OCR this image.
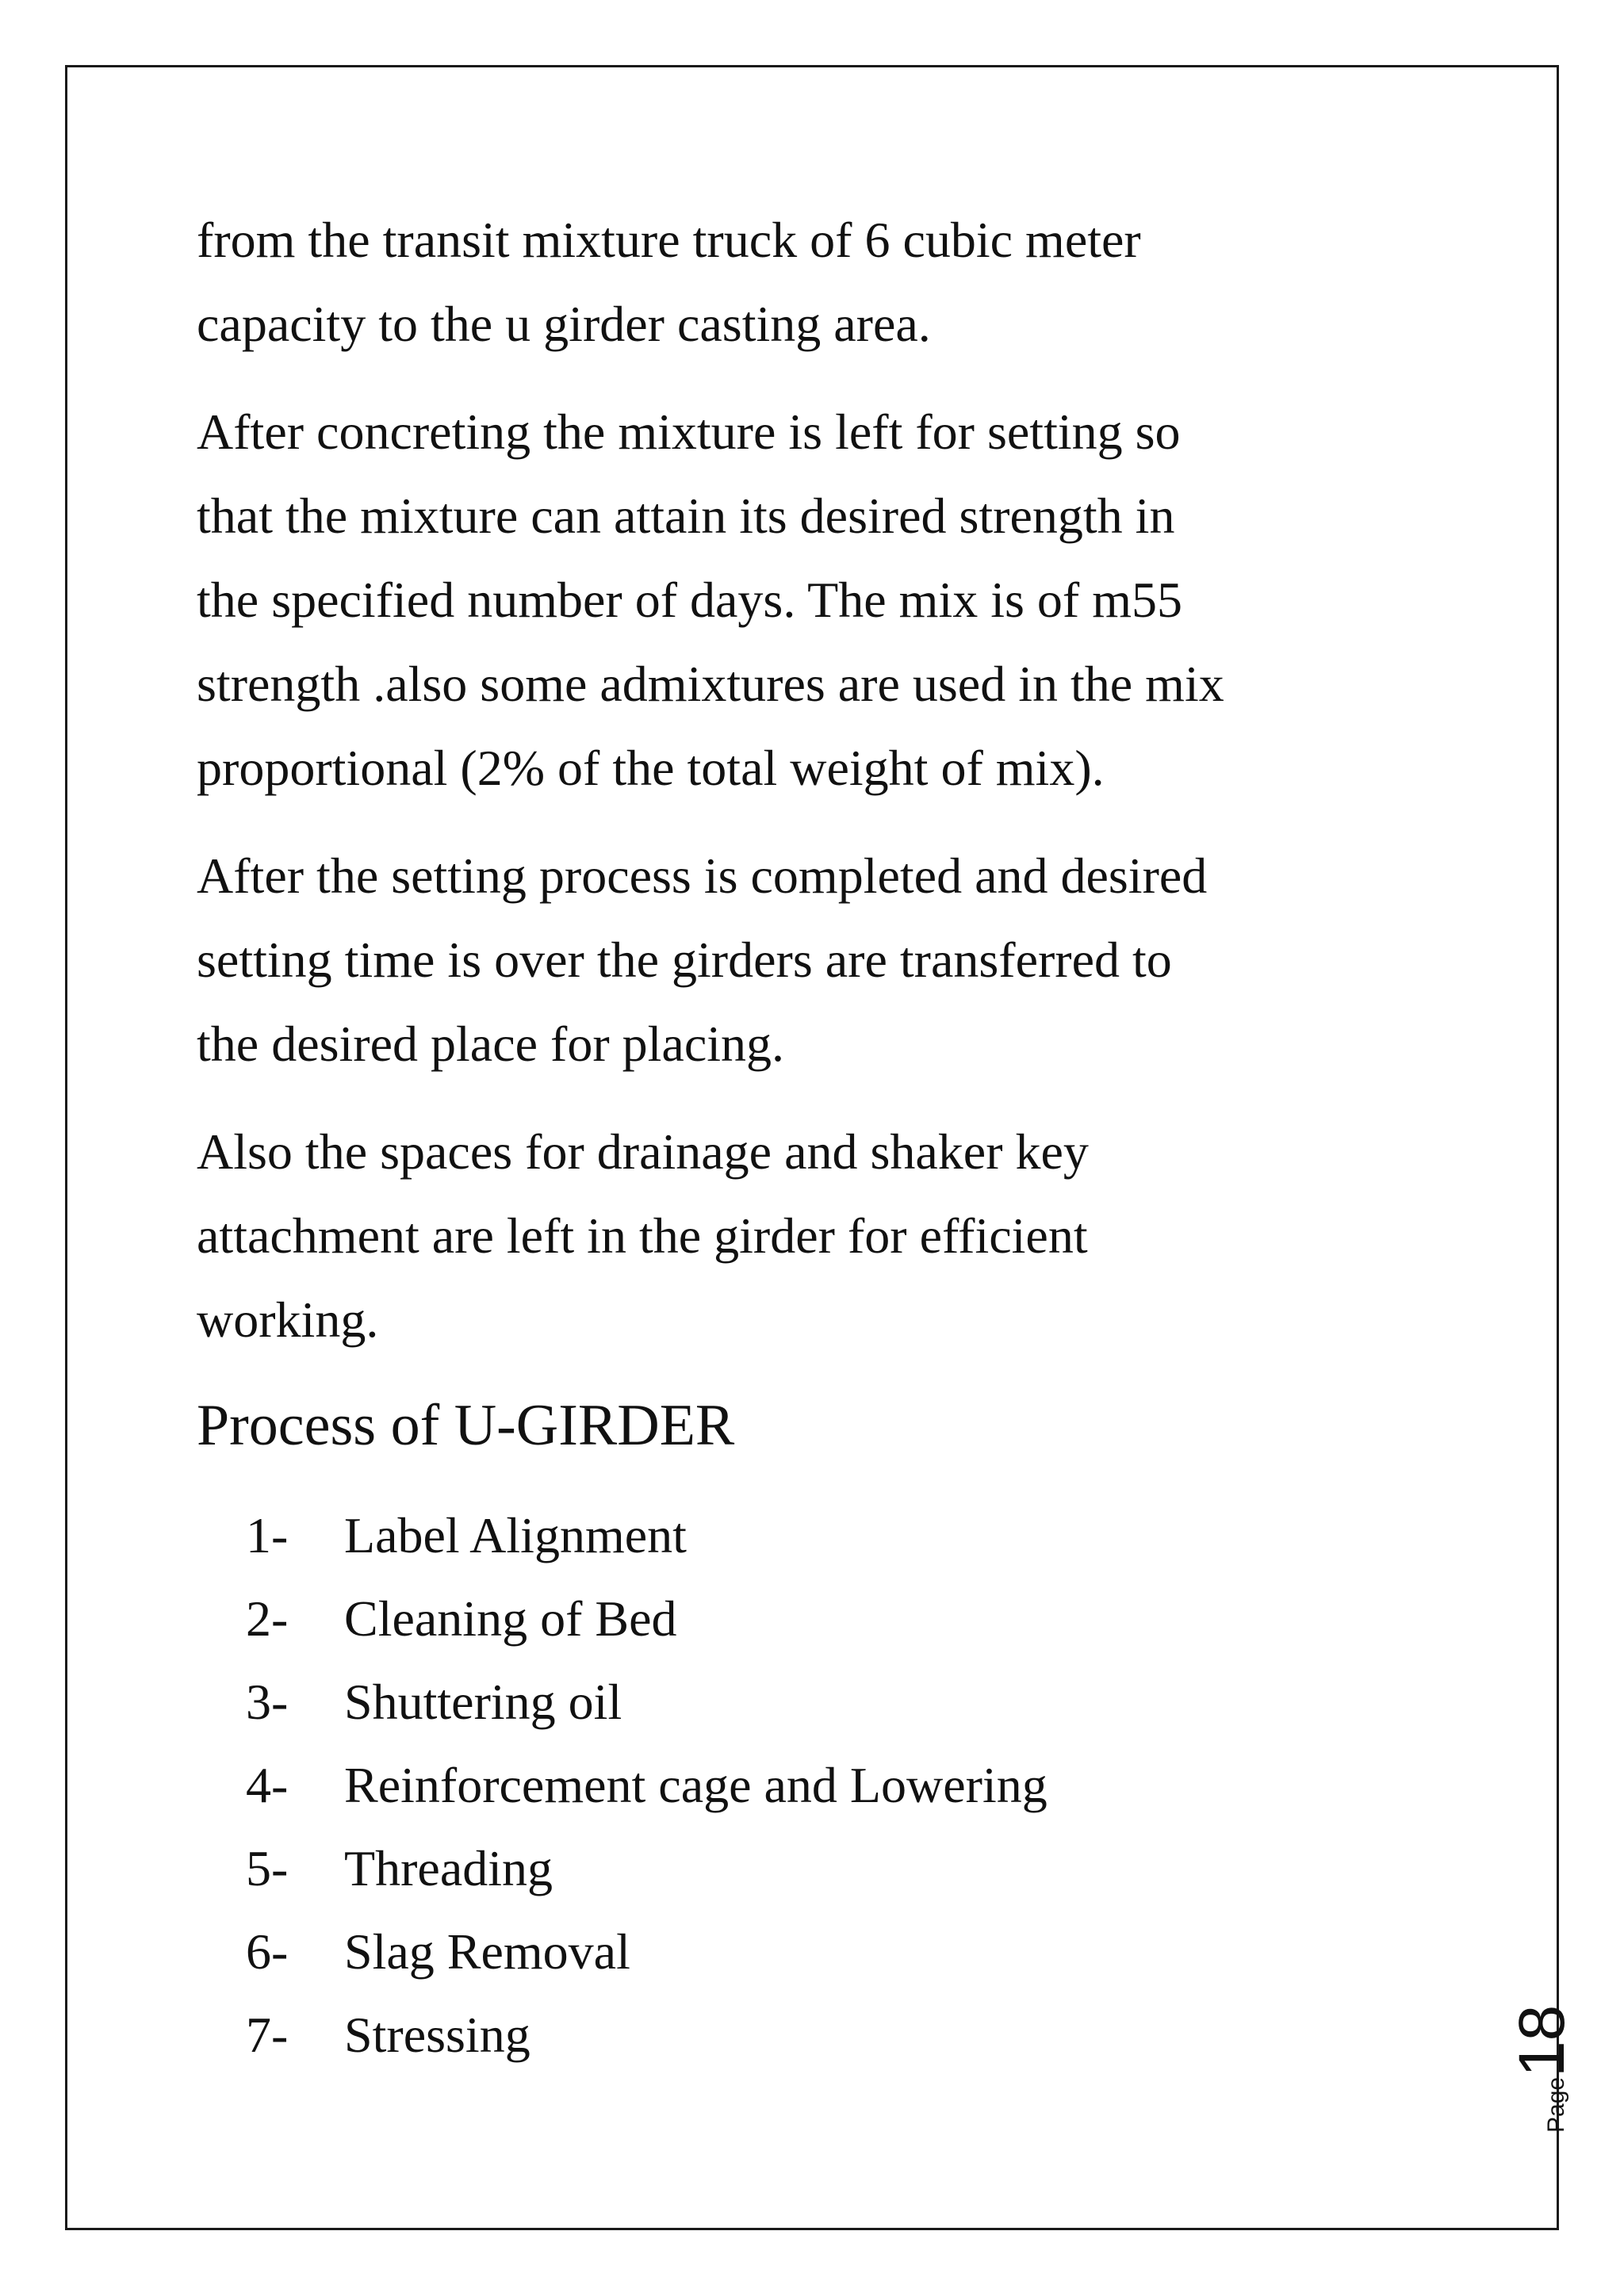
from the transit mixture truck of 6 cubic meter
capacity to the u girder casting area.
After concreting the mixture is left for setting so
that the mixture can attain its desired strength in
the specified number of days. The mix is of m55
strength .also some admixtures are used in the mix
proportional (2% of the total weight of mix).
After the setting process is completed and desired
setting time is over the girders are transferred to
the desired place for placing.
Also the spaces for drainage and shaker key
attachment are left in the girder for efficient
working.
Process of U-GIRDER
1- Label Alignment
2- Cleaning of Bed
3- Shuttering oil
4- Reinforcement cage and Lowering
5- Threading
6- Slag Removal
7- Stressing
Page18
